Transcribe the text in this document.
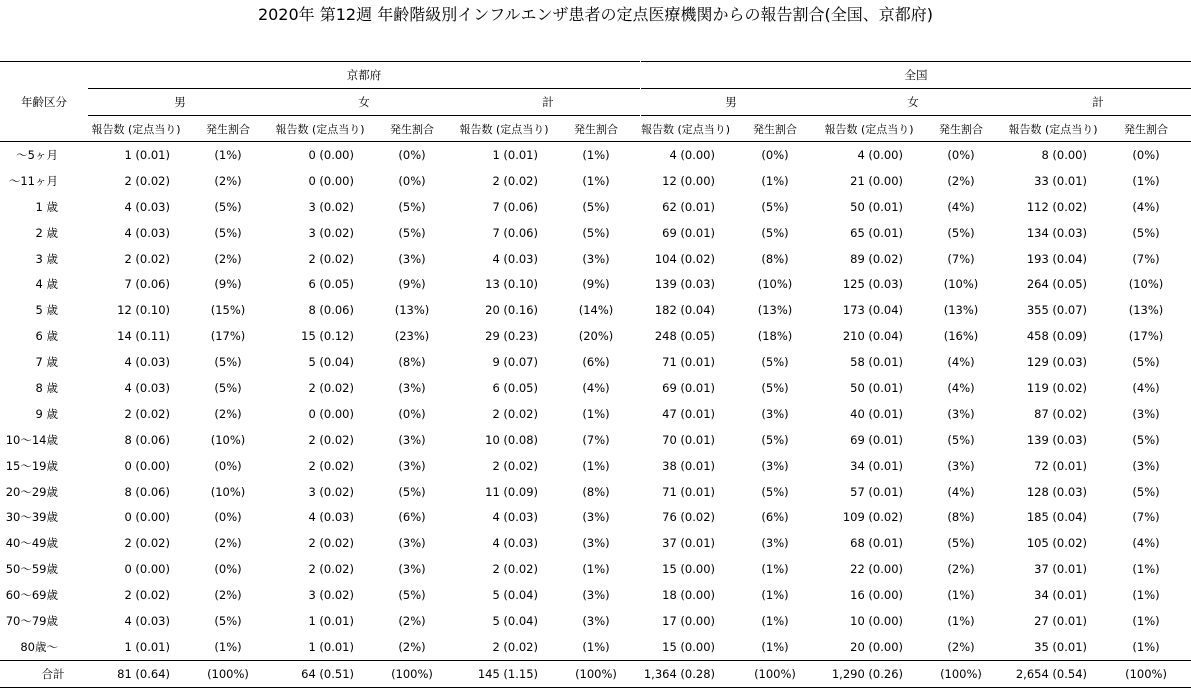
2020年 第12週 年齢階級別インフルエンザ患者の定点医療機関からの報告割合(全国、京都府)
	京都府						全国					
年齢区分	男		女		計		男		女		計	
	報告数 (定点当り)	発生割合	報告数 (定点当り)	発生割合	報告数 (定点当り)	発生割合		報告数 (定点当り)	発生割合	報告数 (定点当り)	発生割合	報告数 (定点当り)	発生割合
〜5ヶ月	1 (0.01)	(1%)	0 (0.00)	(0%)	1 (0.01)	(1%)		4 (0.00)	(0%)	4 (0.00)	(0%)	8 (0.00)	(0%)
〜11ヶ月	2 (0.02)	(2%)	0 (0.00)	(0%)	2 (0.02)	(1%)		12 (0.00)	(1%)	21 (0.00)	(2%)	33 (0.01)	(1%)
1 歳	4 (0.03)	(5%)	3 (0.02)	(5%)	7 (0.06)	(5%)		62 (0.01)	(5%)	50 (0.01)	(4%)	112 (0.02)	(4%)
2 歳	4 (0.03)	(5%)	3 (0.02)	(5%)	7 (0.06)	(5%)		69 (0.01)	(5%)	65 (0.01)	(5%)	134 (0.03)	(5%)
3 歳	2 (0.02)	(2%)	2 (0.02)	(3%)	4 (0.03)	(3%)		104 (0.02)	(8%)	89 (0.02)	(7%)	193 (0.04)	(7%)
4 歳	7 (0.06)	(9%)	6 (0.05)	(9%)	13 (0.10)	(9%)		139 (0.03)	(10%)	125 (0.03)	(10%)	264 (0.05)	(10%)
5 歳	12 (0.10)	(15%)	8 (0.06)	(13%)	20 (0.16)	(14%)		182 (0.04)	(13%)	173 (0.04)	(13%)	355 (0.07)	(13%)
6 歳	14 (0.11)	(17%)	15 (0.12)	(23%)	29 (0.23)	(20%)		248 (0.05)	(18%)	210 (0.04)	(16%)	458 (0.09)	(17%)
7 歳	4 (0.03)	(5%)	5 (0.04)	(8%)	9 (0.07)	(6%)		71 (0.01)	(5%)	58 (0.01)	(4%)	129 (0.03)	(5%)
8 歳	4 (0.03)	(5%)	2 (0.02)	(3%)	6 (0.05)	(4%)		69 (0.01)	(5%)	50 (0.01)	(4%)	119 (0.02)	(4%)
9 歳	2 (0.02)	(2%)	0 (0.00)	(0%)	2 (0.02)	(1%)		47 (0.01)	(3%)	40 (0.01)	(3%)	87 (0.02)	(3%)
10〜14歳	8 (0.06)	(10%)	2 (0.02)	(3%)	10 (0.08)	(7%)		70 (0.01)	(5%)	69 (0.01)	(5%)	139 (0.03)	(5%)
15〜19歳	0 (0.00)	(0%)	2 (0.02)	(3%)	2 (0.02)	(1%)		38 (0.01)	(3%)	34 (0.01)	(3%)	72 (0.01)	(3%)
20〜29歳	8 (0.06)	(10%)	3 (0.02)	(5%)	11 (0.09)	(8%)		71 (0.01)	(5%)	57 (0.01)	(4%)	128 (0.03)	(5%)
30〜39歳	0 (0.00)	(0%)	4 (0.03)	(6%)	4 (0.03)	(3%)		76 (0.02)	(6%)	109 (0.02)	(8%)	185 (0.04)	(7%)
40〜49歳	2 (0.02)	(2%)	2 (0.02)	(3%)	4 (0.03)	(3%)		37 (0.01)	(3%)	68 (0.01)	(5%)	105 (0.02)	(4%)
50〜59歳	0 (0.00)	(0%)	2 (0.02)	(3%)	2 (0.02)	(1%)		15 (0.00)	(1%)	22 (0.00)	(2%)	37 (0.01)	(1%)
60〜69歳	2 (0.02)	(2%)	3 (0.02)	(5%)	5 (0.04)	(3%)		18 (0.00)	(1%)	16 (0.00)	(1%)	34 (0.01)	(1%)
70〜79歳	4 (0.03)	(5%)	1 (0.01)	(2%)	5 (0.04)	(3%)		17 (0.00)	(1%)	10 (0.00)	(1%)	27 (0.01)	(1%)
80歳〜	1 (0.01)	(1%)	1 (0.01)	(2%)	2 (0.02)	(1%)		15 (0.00)	(1%)	20 (0.00)	(2%)	35 (0.01)	(1%)
合計	81 (0.64)	(100%)	64 (0.51)	(100%)	145 (1.15)	(100%)		1,364 (0.28)	(100%)	1,290 (0.26)	(100%)	2,654 (0.54)	(100%)
